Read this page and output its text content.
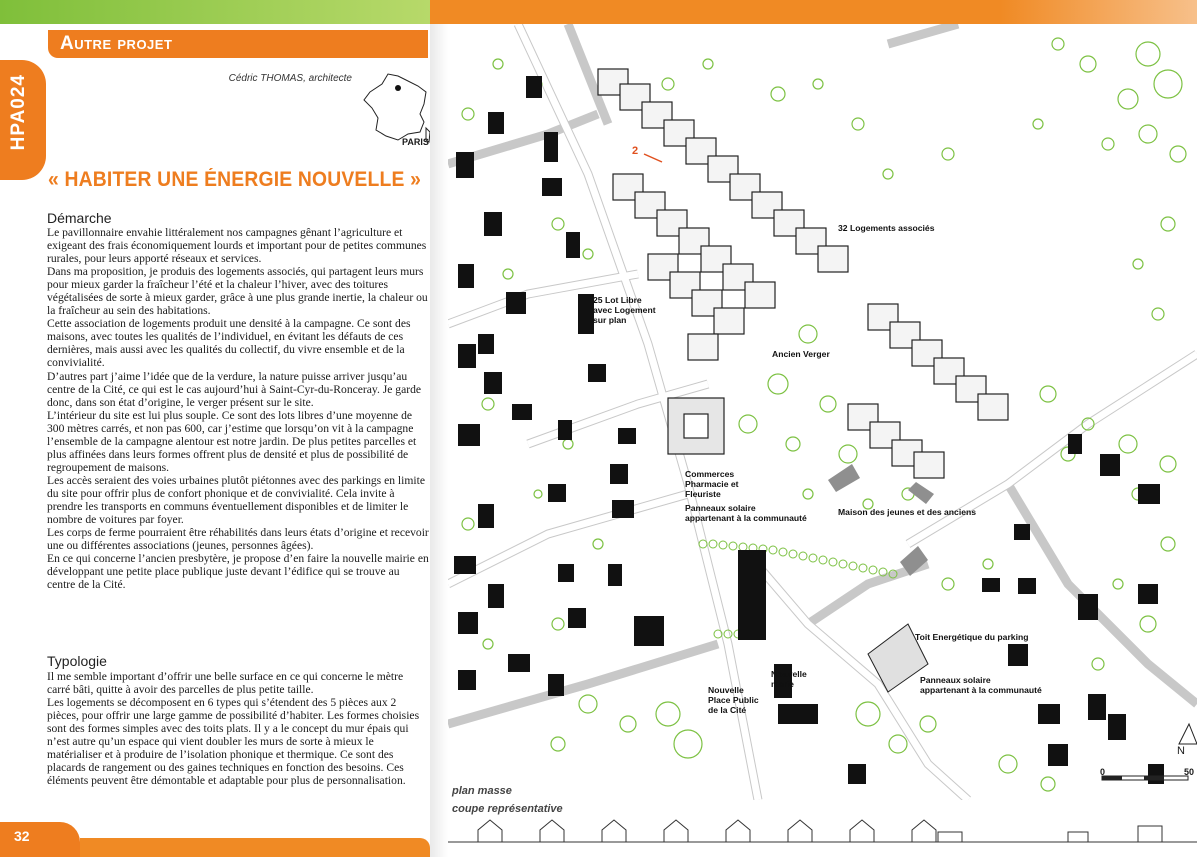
Autre projet
HPA024	Cédric THOMAS, architecte
PARIS
« HABITER UNE ÉNERGIE NOUVELLE »
Démarche

Le pavillonnaire envahie littéralement nos campagnes gênant l’agriculture et exigeant des frais économiquement lourds et important pour de petites communes rurales, pour leurs apporté réseaux et services.

Dans ma proposition, je produis des logements associés, qui partagent leurs murs pour mieux garder la fraîcheur l’été et la chaleur l’hiver, avec des toitures végétalisées de sorte à mieux garder, grâce à une plus grande inertie, la chaleur ou la fraîcheur au sein des habitations.

Cette association de logements produit une densité à la campagne. Ce sont des maisons, avec toutes les qualités de l’individuel, en évitant les défauts de ces dernières, mais aussi avec les qualités du collectif, du vivre ensemble et de la convivialité.

D’autres part j’aime l’idée que de la verdure, la nature puisse arriver jusqu’au centre de la Cité, ce qui est le cas aujourd’hui à Saint-Cyr-du-Ronceray. Je garde donc, dans son état d’origine, le verger présent sur le site.

L’intérieur du site est lui plus souple. Ce sont des lots libres d’une moyenne de 300 mètres carrés, et non pas 600, car j’estime que lorsqu’on vit à la campagne l’ensemble de la campagne alentour est notre jardin. De plus petites parcelles et plus affinées dans leurs formes offrent plus de densité et plus de possibilité de regroupement de maisons.

Les accès seraient des voies urbaines plutôt piétonnes avec des parkings en limite du site pour offrir plus de confort phonique et de convivialité. Cela invite à prendre les transports en communs éventuellement disponibles et de limiter le nombre de voitures par foyer.

Les corps de ferme pourraient être réhabilités dans leurs états d’origine et recevoir une ou différentes associations (jeunes, personnes âgées).

En ce qui concerne l’ancien presbytère, je propose d’en faire la nouvelle mairie en développant une petite place publique juste devant l’édifice qui se trouve au centre de la Cité.

Typologie

Il me semble important d’offrir une belle surface en ce qui concerne le mètre carré bâti, quitte à avoir des parcelles de plus petite taille.

Les logements se décomposent en 6 types qui s’étendent des 5 pièces aux 2 pièces, pour offrir une large gamme de possibilité d’habiter. Les formes choisies sont des formes simples avec des toits plats. Il y a le concept du mur épais qui n’est autre qu’un espace qui vient doubler les murs de sorte à mieux le matérialiser et à produire de l’isolation phonique et thermique. Ce sont des placards de rangement ou des gaines techniques en fonction des besoins. Ces éléments peuvent être démontable et adaptable pour plus de personnalisation.

32
2
32 Logements associés
25 Lot Libre
avec Logement
sur plan
Ancien Verger
Commerces
Pharmacie et
Fleuriste
Panneaux solaire
appartenant à la communauté
Maison des jeunes et des anciens
Toit Energétique du parking
Panneaux solaire
appartenant à la communauté
Nouvelle
marie
Nouvelle
Place Public
de la Cité
N
0	50
plan masse
coupe représentative
